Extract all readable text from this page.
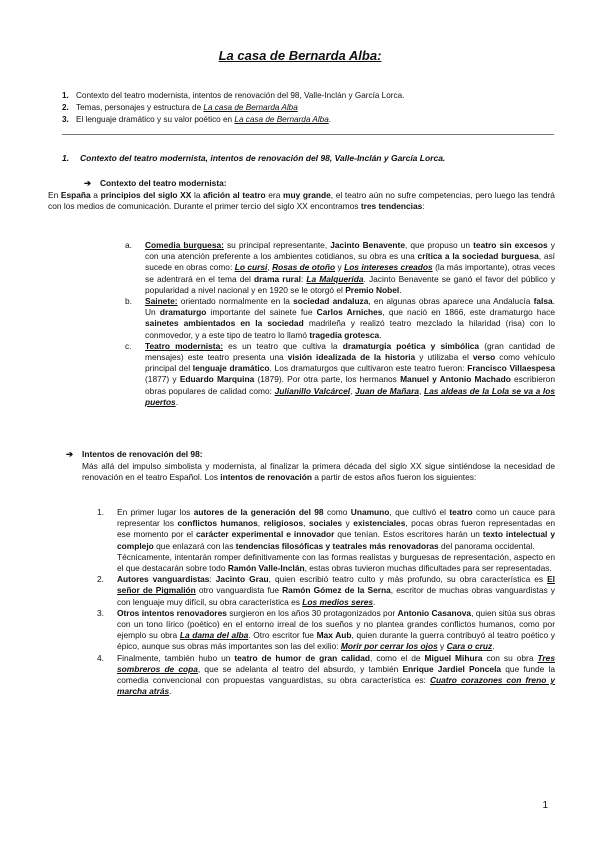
La casa de Bernarda Alba:
1. Contexto del teatro modernista, intentos de renovación del 98, Valle-Inclán y García Lorca.
2. Temas, personajes y estructura de La casa de Bernarda Alba
3. El lenguaje dramático y su valor poético en La casa de Bernarda Alba.
1. Contexto del teatro modernista, intentos de renovación del 98, Valle-Inclán y García Lorca.
➔ Contexto del teatro modernista:
En España a principios del siglo XX la afición al teatro era muy grande, el teatro aún no sufre competencias, pero luego las tendrá con los medios de comunicación. Durante el primer tercio del siglo XX encontramos tres tendencias:
a. Comedia burguesa: su principal representante, Jacinto Benavente, que propuso un teatro sin excesos y con una atención preferente a los ambientes cotidianos, su obra es una crítica a la sociedad burguesa, así sucede en obras como: Lo cursi, Rosas de otoño y Los intereses creados (la más importante), otras veces se adentrará en el tema del drama rural: La Malquerida. Jacinto Benavente se ganó el favor del público y popularidad a nivel nacional y en 1920 se le otorgó el Premio Nobel.
b. Sainete: orientado normalmente en la sociedad andaluza, en algunas obras aparece una Andalucía falsa. Un dramaturgo importante del sainete fue Carlos Arniches, que nació en 1866, este dramaturgo hace sainetes ambientados en la sociedad madrileña y realizó teatro mezclado la hilaridad (risa) con lo conmovedor, y a este tipo de teatro lo llamó tragedia grotesca.
c. Teatro modernista: es un teatro que cultiva la dramaturgia poética y simbólica (gran cantidad de mensajes) este teatro presenta una visión idealizada de la historia y utilizaba el verso como vehículo principal del lenguaje dramático. Los dramaturgos que cultivaron este teatro fueron: Francisco Villaespesa (1877) y Eduardo Marquina (1879). Por otra parte, los hermanos Manuel y Antonio Machado escribieron obras populares de calidad como: Julianillo Valcárcel, Juan de Mañara, Las aldeas de la Lola se va a los puertos.
➔ Intentos de renovación del 98:
Más allá del impulso simbolista y modernista, al finalizar la primera década del siglo XX sigue sintiéndose la necesidad de renovación en el teatro Español. Los intentos de renovación a partir de estos años fueron los siguientes:
1. En primer lugar los autores de la generación del 98 como Unamuno, que cultivó el teatro como un cauce para representar los conflictos humanos, religiosos, sociales y existenciales, pocas obras fueron representadas en ese momento por el carácter experimental e innovador que tenían. Estos escritores harán un texto intelectual y complejo que enlazará con las tendencias filosóficas y teatrales más renovadoras del panorama occidental.
Técnicamente, intentarán romper definitivamente con las formas realistas y burguesas de representación, aspecto en el que destacarán sobre todo Ramón Valle-Inclán, estas obras tuvieron muchas dificultades para ser representadas.
2. Autores vanguardistas: Jacinto Grau, quien escribió teatro culto y más profundo, su obra característica es El señor de Pigmalión otro vanguardista fue Ramón Gómez de la Serna, escritor de muchas obras vanguardistas y con lenguaje muy difícil, su obra característica es Los medios seres.
3. Otros intentos renovadores surgieron en los años 30 protagonizados por Antonio Casanova, quien sitúa sus obras con un tono lírico (poético) en el entorno irreal de los sueños y no plantea grandes conflictos humanos, como por ejemplo su obra La dama del alba. Otro escritor fue Max Aub, quien durante la guerra contribuyó al teatro poético y épico, aunque sus obras más importantes son las del exilio: Morir por cerrar los ojos y Cara o cruz.
4. Finalmente, también hubo un teatro de humor de gran calidad, como el de Miguel Mihura con su obra Tres sombreros de copa, que se adelanta al teatro del absurdo, y también Enrique Jardiel Poncela que funde la comedia convencional con propuestas vanguardistas, su obra característica es: Cuatro corazones con freno y marcha atrás.
1
